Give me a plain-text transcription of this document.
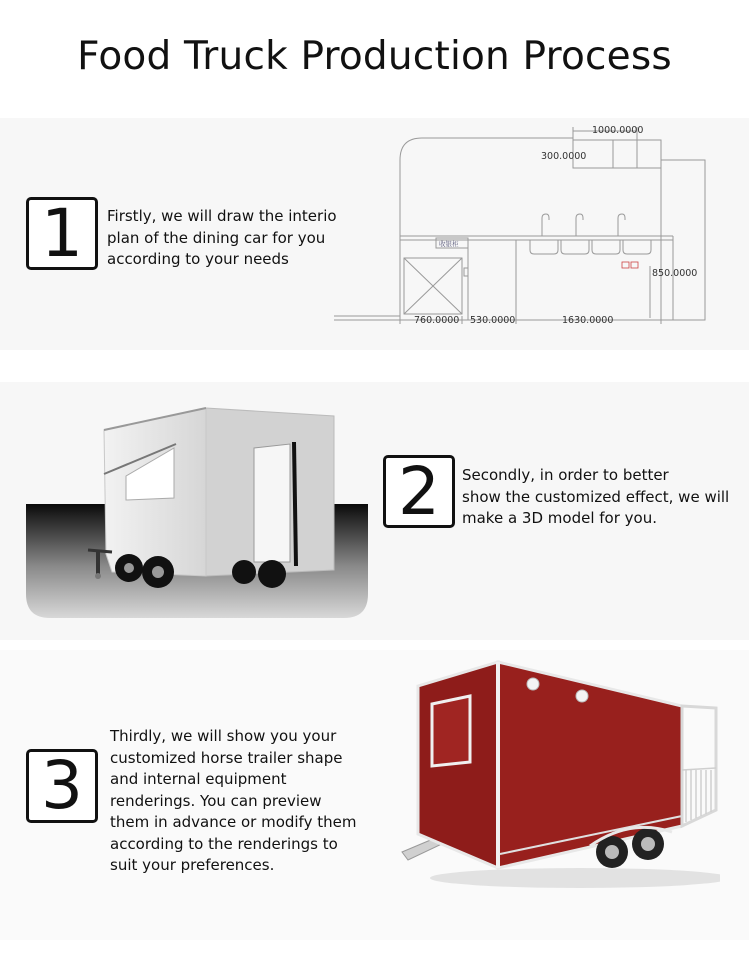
Food Truck Production Process
1 Firstly, we will draw the interio
plan of the dining car for you
according to your needs
1000.0000
300.0000
850.0000
760.0000 530.0000	1630.0000
收银柜
2 Secondly, in order to better
show the customized effect, we will
make a 3D model for you.
3
Thirdly, we will show you your
customized horse trailer shape
and internal equipment
renderings. You can preview
them in advance or modify them
according to the renderings to
suit your preferences.
